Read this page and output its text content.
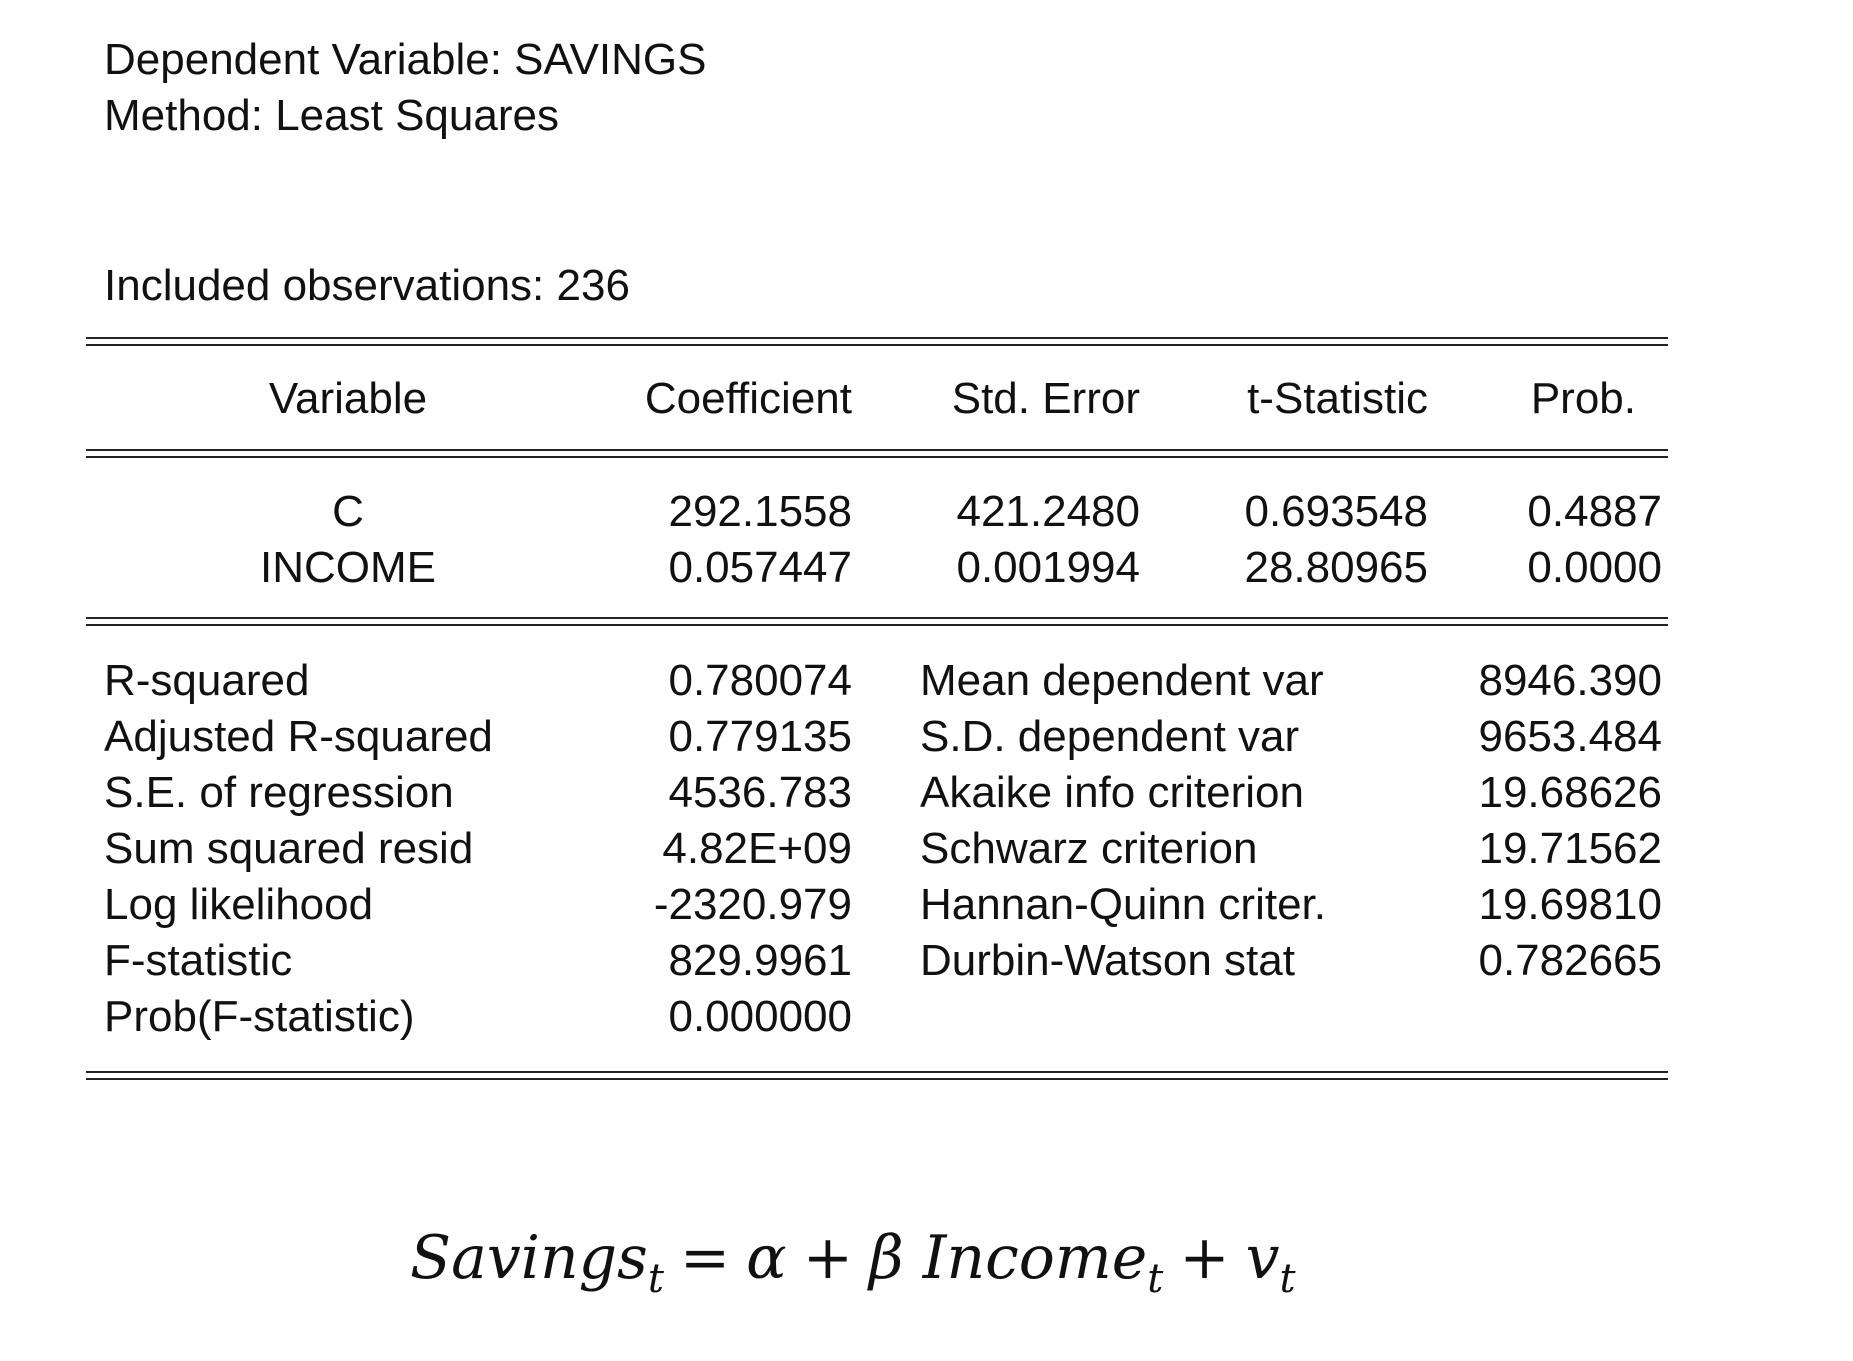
Dependent Variable: SAVINGS
Method: Least Squares
Included observations: 236
Variable	Coefficient	Std. Error	t-Statistic	Prob.
C	292.1558	421.2480	0.693548	0.4887
INCOME	0.057447	0.001994	28.80965	0.0000
R-squared	0.780074 Mean dependent var	8946.390
Adjusted R-squared	0.779135 S.D. dependent var	9653.484
S.E. of regression	4536.783 Akaike info criterion	19.68626
Sum squared resid	4.82E+09 Schwarz criterion	19.71562
Log likelihood	-2320.979 Hannan-Quinn criter.	19.69810
F-statistic	829.9961 Durbin-Watson stat	0.782665
Prob(F-statistic)	0.000000
Savings$_t$ = α + β Income$_t$ + $v_t$
